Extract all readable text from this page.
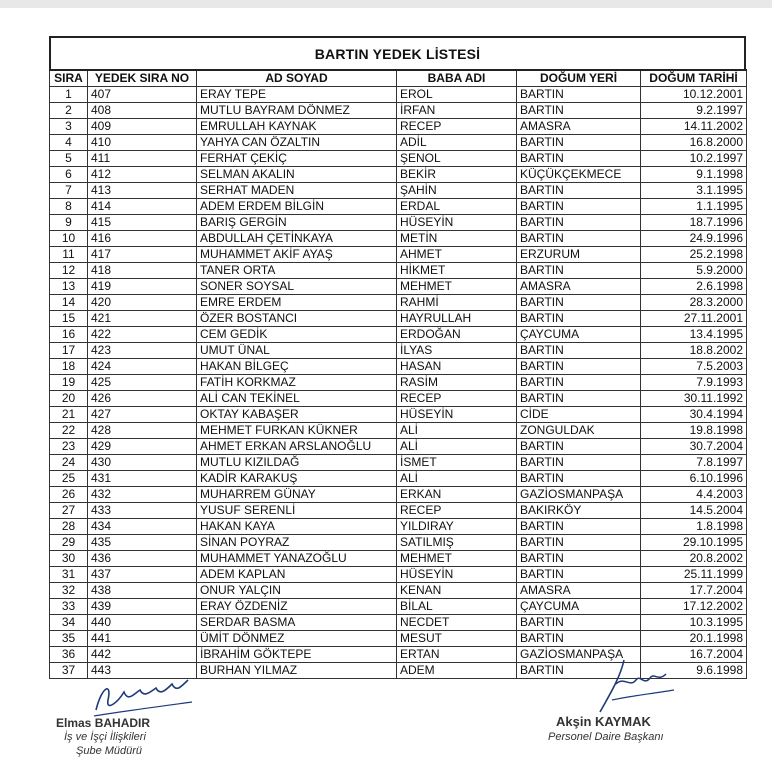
BARTIN YEDEK LİSTESİ
SIRA	YEDEK SIRA NO	AD SOYAD	BABA ADI	DOĞUM YERİ	DOĞUM TARİHİ
1	407	ERAY TEPE	EROL	BARTIN	10.12.2001
2	408	MUTLU BAYRAM DÖNMEZ	İRFAN	BARTIN	9.2.1997
3	409	EMRULLAH KAYNAK	RECEP	AMASRA	14.11.2002
4	410	YAHYA CAN ÖZALTIN	ADİL	BARTIN	16.8.2000
5	411	FERHAT ÇEKİÇ	ŞENOL	BARTIN	10.2.1997
6	412	SELMAN AKALIN	BEKİR	KÜÇÜKÇEKMECE	9.1.1998
7	413	SERHAT MADEN	ŞAHİN	BARTIN	3.1.1995
8	414	ADEM ERDEM BİLGİN	ERDAL	BARTIN	1.1.1995
9	415	BARIŞ GERGİN	HÜSEYİN	BARTIN	18.7.1996
10	416	ABDULLAH ÇETİNKAYA	METİN	BARTIN	24.9.1996
11	417	MUHAMMET AKİF AYAŞ	AHMET	ERZURUM	25.2.1998
12	418	TANER ORTA	HİKMET	BARTIN	5.9.2000
13	419	SONER SOYSAL	MEHMET	AMASRA	2.6.1998
14	420	EMRE ERDEM	RAHMİ	BARTIN	28.3.2000
15	421	ÖZER BOSTANCI	HAYRULLAH	BARTIN	27.11.2001
16	422	CEM GEDİK	ERDOĞAN	ÇAYCUMA	13.4.1995
17	423	UMUT ÜNAL	İLYAS	BARTIN	18.8.2002
18	424	HAKAN BİLGEÇ	HASAN	BARTIN	7.5.2003
19	425	FATİH KORKMAZ	RASİM	BARTIN	7.9.1993
20	426	ALİ CAN TEKİNEL	RECEP	BARTIN	30.11.1992
21	427	OKTAY KABAŞER	HÜSEYİN	CİDE	30.4.1994
22	428	MEHMET FURKAN KÜKNER	ALİ	ZONGULDAK	19.8.1998
23	429	AHMET ERKAN ARSLANOĞLU	ALİ	BARTIN	30.7.2004
24	430	MUTLU KIZILDAĞ	İSMET	BARTIN	7.8.1997
25	431	KADİR KARAKUŞ	ALİ	BARTIN	6.10.1996
26	432	MUHARREM GÜNAY	ERKAN	GAZİOSMANPAŞA	4.4.2003
27	433	YUSUF SERENLİ	RECEP	BAKIRKÖY	14.5.2004
28	434	HAKAN KAYA	YILDIRAY	BARTIN	1.8.1998
29	435	SİNAN POYRAZ	SATILMIŞ	BARTIN	29.10.1995
30	436	MUHAMMET YANAZOĞLU	MEHMET	BARTIN	20.8.2002
31	437	ADEM KAPLAN	HÜSEYİN	BARTIN	25.11.1999
32	438	ONUR YALÇIN	KENAN	AMASRA	17.7.2004
33	439	ERAY ÖZDENİZ	BİLAL	ÇAYCUMA	17.12.2002
34	440	SERDAR BASMA	NECDET	BARTIN	10.3.1995
35	441	ÜMİT DÖNMEZ	MESUT	BARTIN	20.1.1998
36	442	İBRAHİM GÖKTEPE	ERTAN	GAZİOSMANPAŞA	16.7.2004
37	443	BURHAN YILMAZ	ADEM	BARTIN	9.6.1998
Elmas BAHADIR
İş ve İşçi İlişkileri
Şube Müdürü
Akşin KAYMAK
Personel Daire Başkanı
